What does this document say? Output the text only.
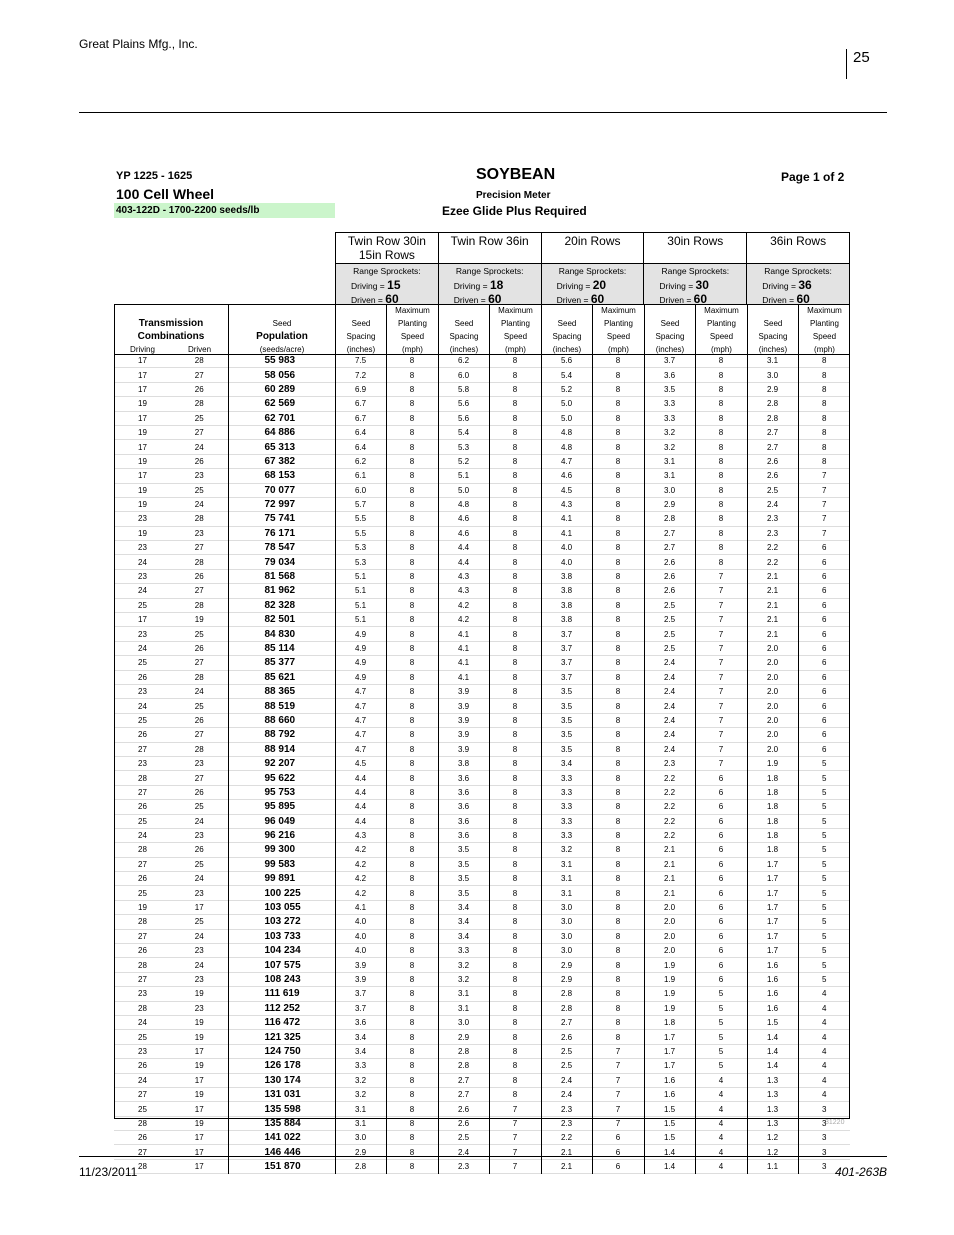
Great Plains Mfg., Inc.
25
YP 1225 - 1625
100 Cell Wheel
403-122D - 1700-2200 seeds/lb
SOYBEAN
Precision Meter
Ezee Glide Plus Required
Page 1 of 2
Twin Row 30in 15in Rows
Range Sprockets:
Driving = 15
Driven = 60
Twin Row 36in
Range Sprockets:
Driving = 18
Driven = 60
20in Rows
Range Sprockets:
Driving = 20
Driven = 60
30in Rows
Range Sprockets:
Driving = 30
Driven = 60
36in Rows
Range Sprockets:
Driving = 36
Driven = 60
Transmission
Combinations
Driving	Driven
Seed
Population
(seeds/acre)
Seed
Spacing
(inches)
Maximum
Planting
Speed
(mph)
Seed
Spacing
(inches)
Maximum
Planting
Speed
(mph)
Seed
Spacing
(inches)
Maximum
Planting
Speed
(mph)
Seed
Spacing
(inches)
Maximum
Planting
Speed
(mph)
Seed
Spacing
(inches)
Maximum
Planting
Speed
(mph)
17	28	55 983	7.5	8	6.2	8	5.6	8	3.7	8	3.1	8
17	27	58 056	7.2	8	6.0	8	5.4	8	3.6	8	3.0	8
17	26	60 289	6.9	8	5.8	8	5.2	8	3.5	8	2.9	8
19	28	62 569	6.7	8	5.6	8	5.0	8	3.3	8	2.8	8
17	25	62 701	6.7	8	5.6	8	5.0	8	3.3	8	2.8	8
19	27	64 886	6.4	8	5.4	8	4.8	8	3.2	8	2.7	8
17	24	65 313	6.4	8	5.3	8	4.8	8	3.2	8	2.7	8
19	26	67 382	6.2	8	5.2	8	4.7	8	3.1	8	2.6	8
17	23	68 153	6.1	8	5.1	8	4.6	8	3.1	8	2.6	7
19	25	70 077	6.0	8	5.0	8	4.5	8	3.0	8	2.5	7
19	24	72 997	5.7	8	4.8	8	4.3	8	2.9	8	2.4	7
23	28	75 741	5.5	8	4.6	8	4.1	8	2.8	8	2.3	7
19	23	76 171	5.5	8	4.6	8	4.1	8	2.7	8	2.3	7
23	27	78 547	5.3	8	4.4	8	4.0	8	2.7	8	2.2	6
24	28	79 034	5.3	8	4.4	8	4.0	8	2.6	8	2.2	6
23	26	81 568	5.1	8	4.3	8	3.8	8	2.6	7	2.1	6
24	27	81 962	5.1	8	4.3	8	3.8	8	2.6	7	2.1	6
25	28	82 328	5.1	8	4.2	8	3.8	8	2.5	7	2.1	6
17	19	82 501	5.1	8	4.2	8	3.8	8	2.5	7	2.1	6
23	25	84 830	4.9	8	4.1	8	3.7	8	2.5	7	2.1	6
24	26	85 114	4.9	8	4.1	8	3.7	8	2.5	7	2.0	6
25	27	85 377	4.9	8	4.1	8	3.7	8	2.4	7	2.0	6
26	28	85 621	4.9	8	4.1	8	3.7	8	2.4	7	2.0	6
23	24	88 365	4.7	8	3.9	8	3.5	8	2.4	7	2.0	6
24	25	88 519	4.7	8	3.9	8	3.5	8	2.4	7	2.0	6
25	26	88 660	4.7	8	3.9	8	3.5	8	2.4	7	2.0	6
26	27	88 792	4.7	8	3.9	8	3.5	8	2.4	7	2.0	6
27	28	88 914	4.7	8	3.9	8	3.5	8	2.4	7	2.0	6
23	23	92 207	4.5	8	3.8	8	3.4	8	2.3	7	1.9	5
28	27	95 622	4.4	8	3.6	8	3.3	8	2.2	6	1.8	5
27	26	95 753	4.4	8	3.6	8	3.3	8	2.2	6	1.8	5
26	25	95 895	4.4	8	3.6	8	3.3	8	2.2	6	1.8	5
25	24	96 049	4.4	8	3.6	8	3.3	8	2.2	6	1.8	5
24	23	96 216	4.3	8	3.6	8	3.3	8	2.2	6	1.8	5
28	26	99 300	4.2	8	3.5	8	3.2	8	2.1	6	1.8	5
27	25	99 583	4.2	8	3.5	8	3.1	8	2.1	6	1.7	5
26	24	99 891	4.2	8	3.5	8	3.1	8	2.1	6	1.7	5
25	23	100 225	4.2	8	3.5	8	3.1	8	2.1	6	1.7	5
19	17	103 055	4.1	8	3.4	8	3.0	8	2.0	6	1.7	5
28	25	103 272	4.0	8	3.4	8	3.0	8	2.0	6	1.7	5
27	24	103 733	4.0	8	3.4	8	3.0	8	2.0	6	1.7	5
26	23	104 234	4.0	8	3.3	8	3.0	8	2.0	6	1.7	5
28	24	107 575	3.9	8	3.2	8	2.9	8	1.9	6	1.6	5
27	23	108 243	3.9	8	3.2	8	2.9	8	1.9	6	1.6	5
23	19	111 619	3.7	8	3.1	8	2.8	8	1.9	5	1.6	4
28	23	112 252	3.7	8	3.1	8	2.8	8	1.9	5	1.6	4
24	19	116 472	3.6	8	3.0	8	2.7	8	1.8	5	1.5	4
25	19	121 325	3.4	8	2.9	8	2.6	8	1.7	5	1.4	4
23	17	124 750	3.4	8	2.8	8	2.5	7	1.7	5	1.4	4
26	19	126 178	3.3	8	2.8	8	2.5	7	1.7	5	1.4	4
24	17	130 174	3.2	8	2.7	8	2.4	7	1.6	4	1.3	4
27	19	131 031	3.2	8	2.7	8	2.4	7	1.6	4	1.3	4
25	17	135 598	3.1	8	2.6	7	2.3	7	1.5	4	1.3	3
28	19	135 884	3.1	8	2.6	7	2.3	7	1.5	4	1.3	3
26	17	141 022	3.0	8	2.5	7	2.2	6	1.5	4	1.2	3
27	17	146 446	2.9	8	2.4	7	2.1	6	1.4	4	1.2	3
28	17	151 870	2.8	8	2.3	7	2.1	6	1.4	4	1.1	3
31220
11/23/2011	401-263B
